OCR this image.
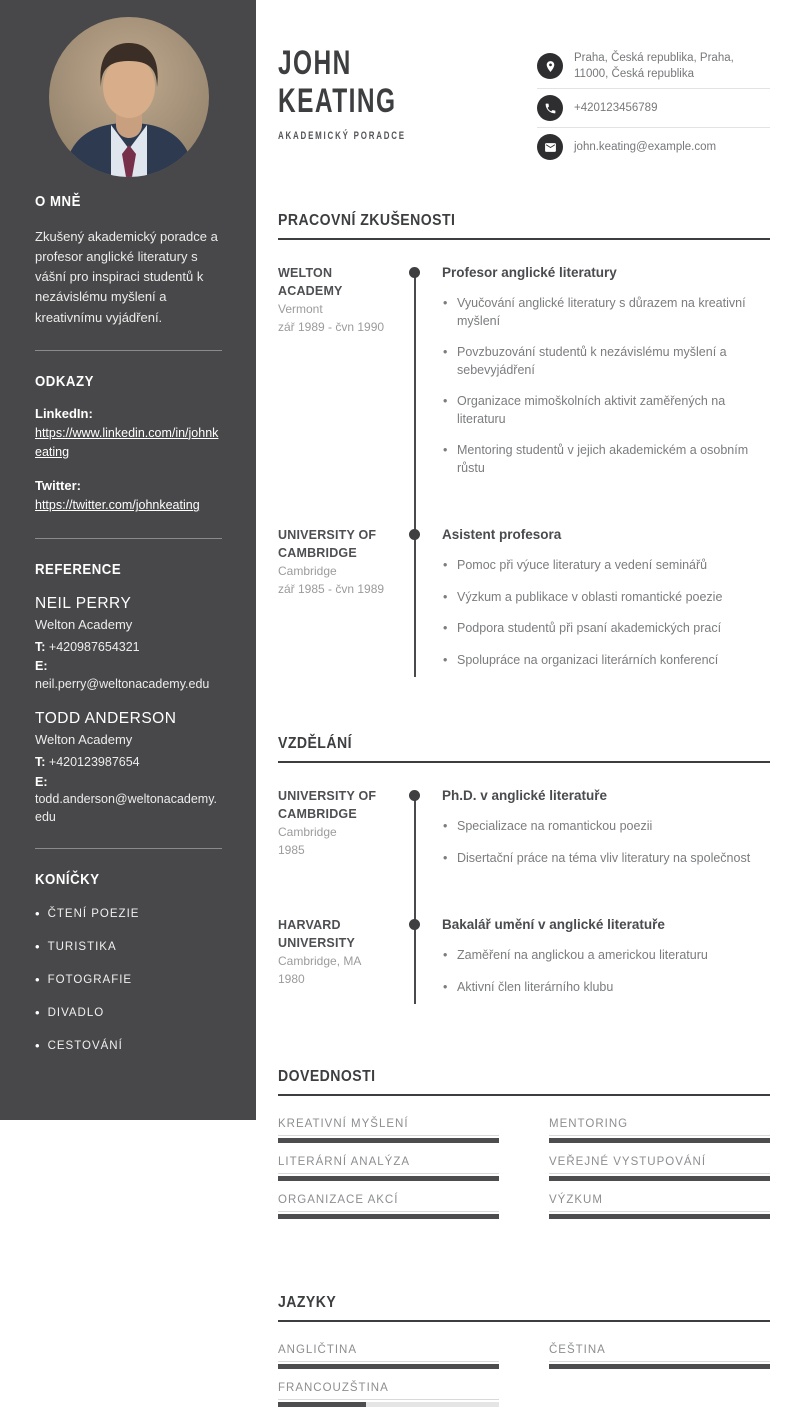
O MNĚ

Zkušený akademický poradce a profesor anglické literatury s vášní pro inspiraci studentů k nezávislému myšlení a kreativnímu vyjádření.

ODKAZY
LinkedIn:
https://www.linkedin.com/in/johnkeating
Twitter:
https://twitter.com/johnkeating
REFERENCE
NEIL PERRY
Welton Academy
T: +420987654321
E: neil.perry@weltonacademy.edu
TODD ANDERSON
Welton Academy
T: +420123987654
E: todd.anderson@weltonacademy.edu
KONÍČKY
• ČTENÍ POEZIE
• TURISTIKA
• FOTOGRAFIE
• DIVADLO
• CESTOVÁNÍ
JOHN
KEATING
AKADEMICKÝ PORADCE
Praha, Česká republika, Praha, 11000, Česká republika
+420123456789
john.keating@example.com
PRACOVNÍ ZKUŠENOSTI
WELTON ACADEMY
Vermont
zář 1989 - čvn 1990
Profesor anglické literatury
• Vyučování anglické literatury s důrazem na kreativní myšlení
• Povzbuzování studentů k nezávislému myšlení a sebevyjádření
• Organizace mimoškolních aktivit zaměřených na literaturu
• Mentoring studentů v jejich akademickém a osobním růstu
UNIVERSITY OF CAMBRIDGE
Cambridge
zář 1985 - čvn 1989
Asistent profesora
• Pomoc při výuce literatury a vedení seminářů
• Výzkum a publikace v oblasti romantické poezie
• Podpora studentů při psaní akademických prací
• Spolupráce na organizaci literárních konferencí
VZDĚLÁNÍ
UNIVERSITY OF CAMBRIDGE
Cambridge
1985
Ph.D. v anglické literatuře
• Specializace na romantickou poezii
• Disertační práce na téma vliv literatury na společnost
HARVARD UNIVERSITY
Cambridge, MA
1980
Bakalář umění v anglické literatuře
• Zaměření na anglickou a americkou literaturu
• Aktivní člen literárního klubu
DOVEDNOSTI
KREATIVNÍ MYŠLENÍ	MENTORING
LITERÁRNÍ ANALÝZA	VEŘEJNÉ VYSTUPOVÁNÍ
ORGANIZACE AKCÍ	VÝZKUM
JAZYKY
ANGLIČTINA	ČEŠTINA
FRANCOUZŠTINA
